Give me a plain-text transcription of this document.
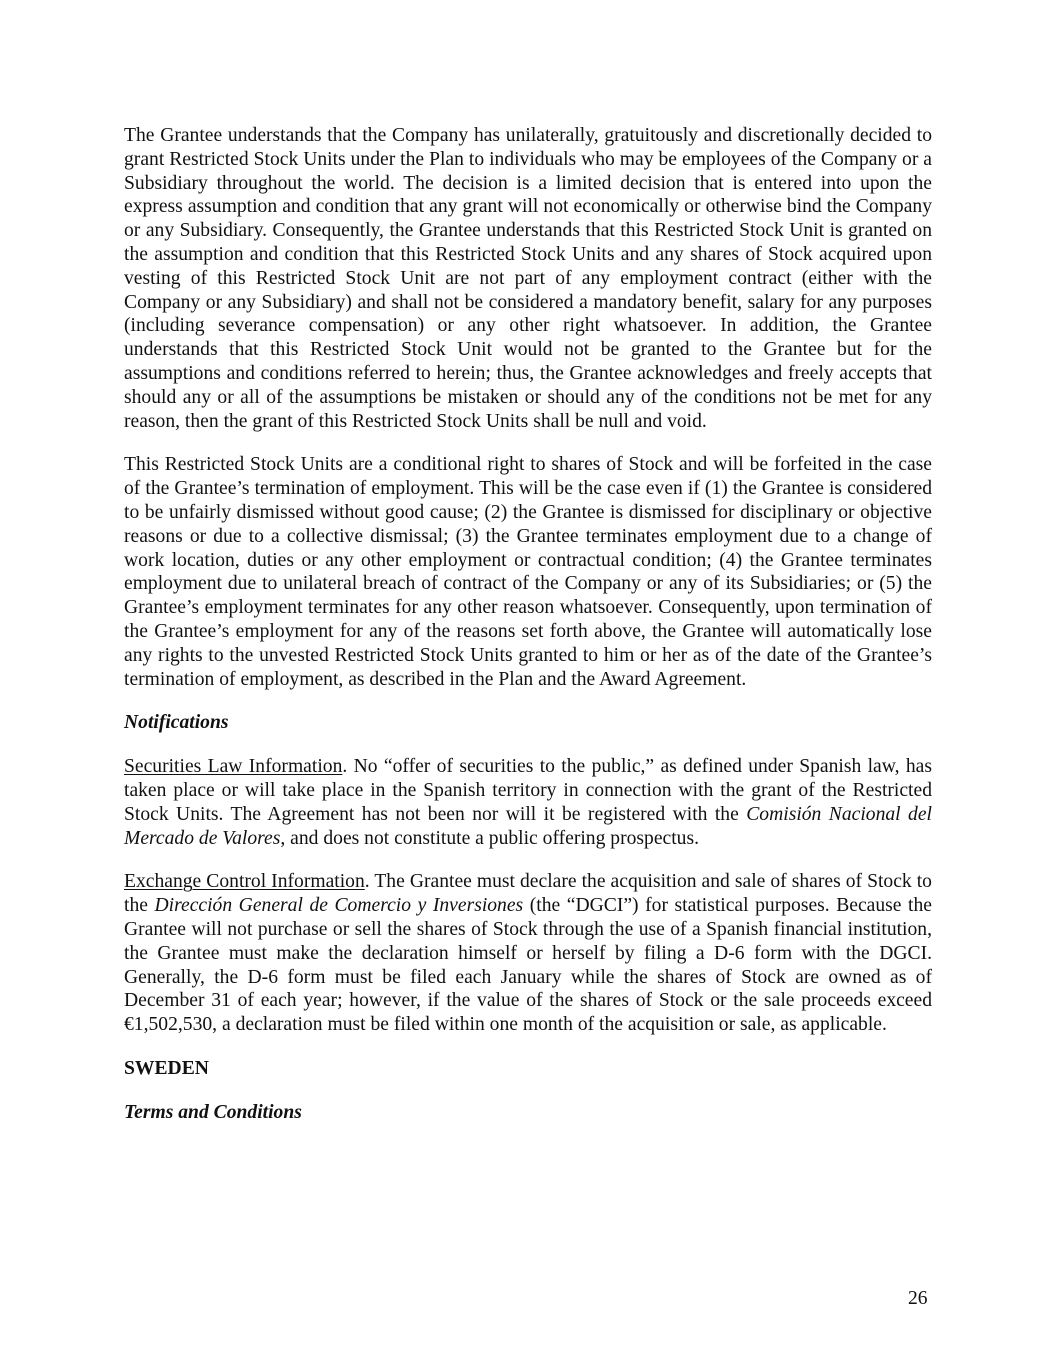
The Grantee understands that the Company has unilaterally, gratuitously and discretionally decided to grant Restricted Stock Units under the Plan to individuals who may be employees of the Company or a Subsidiary throughout the world. The decision is a limited decision that is entered into upon the express assumption and condition that any grant will not economically or otherwise bind the Company or any Subsidiary. Consequently, the Grantee understands that this Restricted Stock Unit is granted on the assumption and condition that this Restricted Stock Units and any shares of Stock acquired upon vesting of this Restricted Stock Unit are not part of any employment contract (either with the Company or any Subsidiary) and shall not be considered a mandatory benefit, salary for any purposes (including severance compensation) or any other right whatsoever. In addition, the Grantee understands that this Restricted Stock Unit would not be granted to the Grantee but for the assumptions and conditions referred to herein; thus, the Grantee acknowledges and freely accepts that should any or all of the assumptions be mistaken or should any of the conditions not be met for any reason, then the grant of this Restricted Stock Units shall be null and void.

This Restricted Stock Units are a conditional right to shares of Stock and will be forfeited in the case of the Grantee’s termination of employment. This will be the case even if (1) the Grantee is considered to be unfairly dismissed without good cause; (2) the Grantee is dismissed for disciplinary or objective reasons or due to a collective dismissal; (3) the Grantee terminates employment due to a change of work location, duties or any other employment or contractual condition; (4) the Grantee terminates employment due to unilateral breach of contract of the Company or any of its Subsidiaries; or (5) the Grantee’s employment terminates for any other reason whatsoever. Consequently, upon termination of the Grantee’s employment for any of the reasons set forth above, the Grantee will automatically lose any rights to the unvested Restricted Stock Units granted to him or her as of the date of the Grantee’s termination of employment, as described in the Plan and the Award Agreement.

Notifications

Securities Law Information. No “offer of securities to the public,” as defined under Spanish law, has taken place or will take place in the Spanish territory in connection with the grant of the Restricted Stock Units. The Agreement has not been nor will it be registered with the Comisión Nacional del Mercado de Valores, and does not constitute a public offering prospectus.

Exchange Control Information. The Grantee must declare the acquisition and sale of shares of Stock to the Dirección General de Comercio y Inversiones (the “DGCI”) for statistical purposes. Because the Grantee will not purchase or sell the shares of Stock through the use of a Spanish financial institution, the Grantee must make the declaration himself or herself by filing a D-6 form with the DGCI. Generally, the D-6 form must be filed each January while the shares of Stock are owned as of December 31 of each year; however, if the value of the shares of Stock or the sale proceeds exceed €1,502,530, a declaration must be filed within one month of the acquisition or sale, as applicable.

SWEDEN

Terms and Conditions

26
